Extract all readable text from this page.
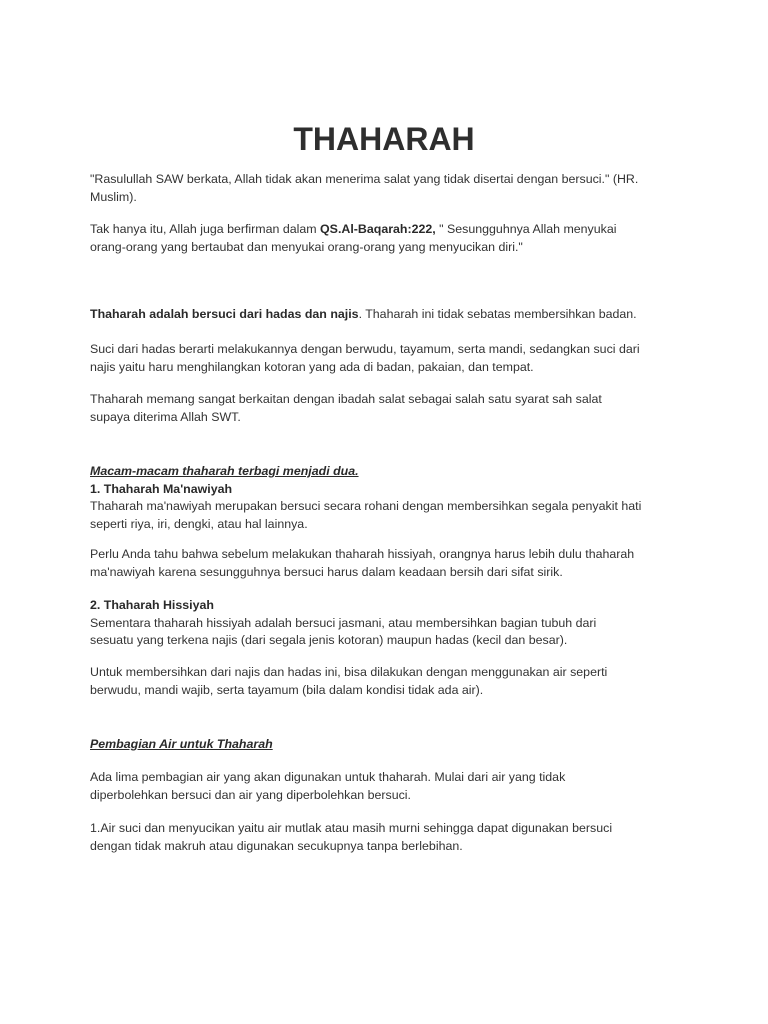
THAHARAH

"Rasulullah SAW berkata, Allah tidak akan menerima salat yang tidak disertai dengan bersuci." (HR.
Muslim).

Tak hanya itu, Allah juga berfirman dalam QS.Al-Baqarah:222, " Sesungguhnya Allah menyukai
orang-orang yang bertaubat dan menyukai orang-orang yang menyucikan diri."

Thaharah adalah bersuci dari hadas dan najis. Thaharah ini tidak sebatas membersihkan badan.

Suci dari hadas berarti melakukannya dengan berwudu, tayamum, serta mandi, sedangkan suci dari
najis yaitu haru menghilangkan kotoran yang ada di badan, pakaian, dan tempat.

Thaharah memang sangat berkaitan dengan ibadah salat sebagai salah satu syarat sah salat
supaya diterima Allah SWT.

Macam-macam thaharah terbagi menjadi dua.
1. Thaharah Ma'nawiyah
Thaharah ma'nawiyah merupakan bersuci secara rohani dengan membersihkan segala penyakit hati
seperti riya, iri, dengki, atau hal lainnya.

Perlu Anda tahu bahwa sebelum melakukan thaharah hissiyah, orangnya harus lebih dulu thaharah
ma'nawiyah karena sesungguhnya bersuci harus dalam keadaan bersih dari sifat sirik.

2. Thaharah Hissiyah
Sementara thaharah hissiyah adalah bersuci jasmani, atau membersihkan bagian tubuh dari
sesuatu yang terkena najis (dari segala jenis kotoran) maupun hadas (kecil dan besar).

Untuk membersihkan dari najis dan hadas ini, bisa dilakukan dengan menggunakan air seperti
berwudu, mandi wajib, serta tayamum (bila dalam kondisi tidak ada air).

Pembagian Air untuk Thaharah

Ada lima pembagian air yang akan digunakan untuk thaharah. Mulai dari air yang tidak
diperbolehkan bersuci dan air yang diperbolehkan bersuci.

1.Air suci dan menyucikan yaitu air mutlak atau masih murni sehingga dapat digunakan bersuci
dengan tidak makruh atau digunakan secukupnya tanpa berlebihan.
